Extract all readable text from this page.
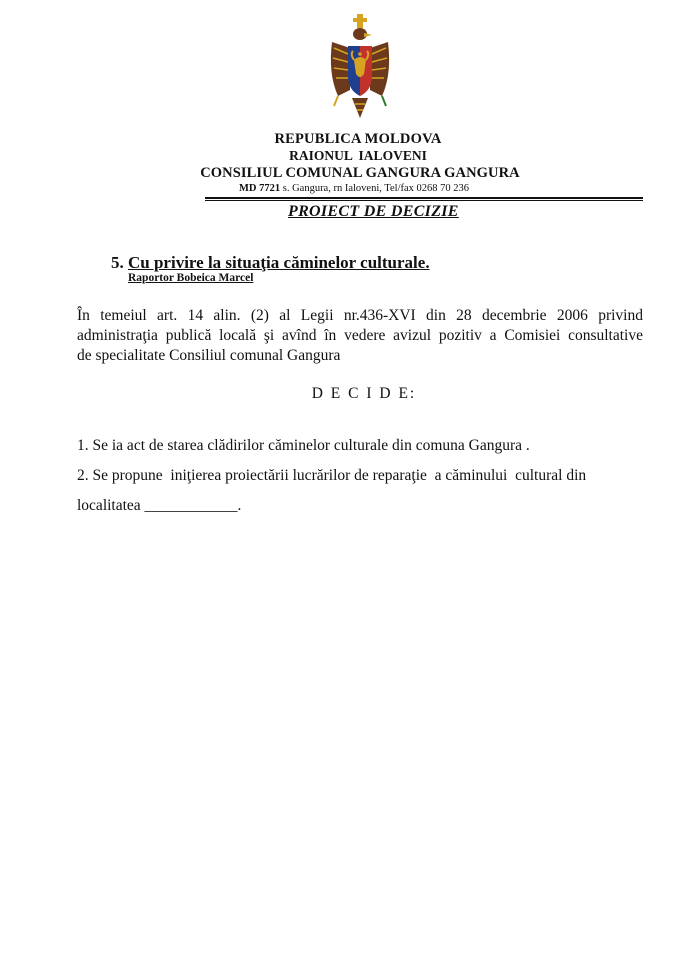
REPUBLICA MOLDOVA
RAIONUL IALOVENI
CONSILIUL COMUNAL GANGURA GANGURA
MD 7721 s. Gangura, rn Ialoveni, Tel/fax 0268 70 236
PROIECT DE DECIZIE
5. Cu privire la situaţia căminelor culturale.
Raportor Bobeica Marcel
În temeiul art. 14 alin. (2) al Legii nr.436-XVI din 28 decembrie 2006 privind
administraţia publică locală şi avînd în vedere avizul pozitiv a Comisiei consultative
de specialitate Consiliul comunal Gangura
D E C I D E:
1. Se ia act de starea clădirilor căminelor culturale din comuna Gangura .
2. Se propune  iniţierea proiectării lucrărilor de reparaţie  a căminului  cultural din
localitatea ____________.
